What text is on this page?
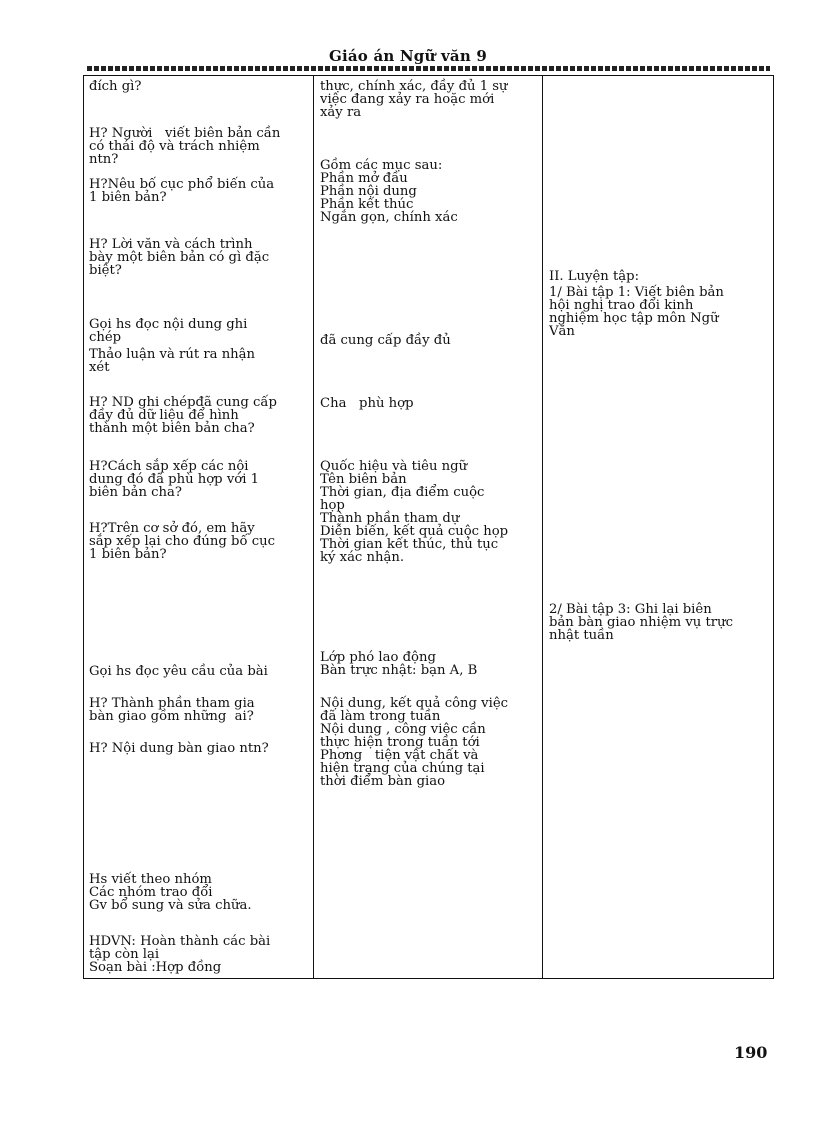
Giáo án Ngữ văn 9
đích gì?
H? Người   viết biên bản cần
có thái độ và trách nhiệm
ntn?
H?Nêu bố cục phổ biến của
1 biên bản?
H? Lời văn và cách trình
bày một biên bản có gì đặc
biệt?
Gọi hs đọc nội dung ghi
chép
Thảo luận và rút ra nhận
xét
H? ND ghi chépđã cung cấp
đầy đủ dữ liệu để hình
thành một biên bản cha?
H?Cách sắp xếp các nội
dung đó đã phù hợp với 1
biên bản cha?
H?Trên cơ sở đó, em hãy
sắp xếp lại cho đúng bố cục
1 biên bản?
Gọi hs đọc yêu cầu của bài
H? Thành phần tham gia
bàn giao gồm những  ai?
H? Nội dung bàn giao ntn?
Hs viết theo nhóm
Các nhóm trao đổi
Gv bổ sung và sửa chữa.
HDVN: Hoàn thành các bài
tập còn lại
Soạn bài :Hợp đồng
thực, chính xác, đầy đủ 1 sự
việc đang xảy ra hoặc mới
xảy ra
Gồm các mục sau:
Phần mở đầu
Phần nội dung
Phần kết thúc
Ngắn gọn, chính xác
đã cung cấp đầy đủ
Cha   phù hợp
Quốc hiệu và tiêu ngữ
Tên biên bản
Thời gian, địa điểm cuộc
họp
Thành phần tham dự
Diễn biến, kết quả cuộc họp
Thời gian kết thúc, thủ tục
ký xác nhận.
Lớp phó lao động
Bàn trực nhật: bạn A, B
Nội dung, kết quả công việc
đã làm trong tuần
Nội dung , công việc cần
thực hiện trong tuần tới
Phơng   tiện vật chất và
hiện trạng của chúng tại
thời điểm bàn giao
II. Luyện tập:
1/ Bài tập 1: Viết biên bản
hội nghị trao đổi kinh
nghiệm học tập môn Ngữ
Văn
2/ Bài tập 3: Ghi lại biên
bản bàn giao nhiệm vụ trực
nhật tuần
190
